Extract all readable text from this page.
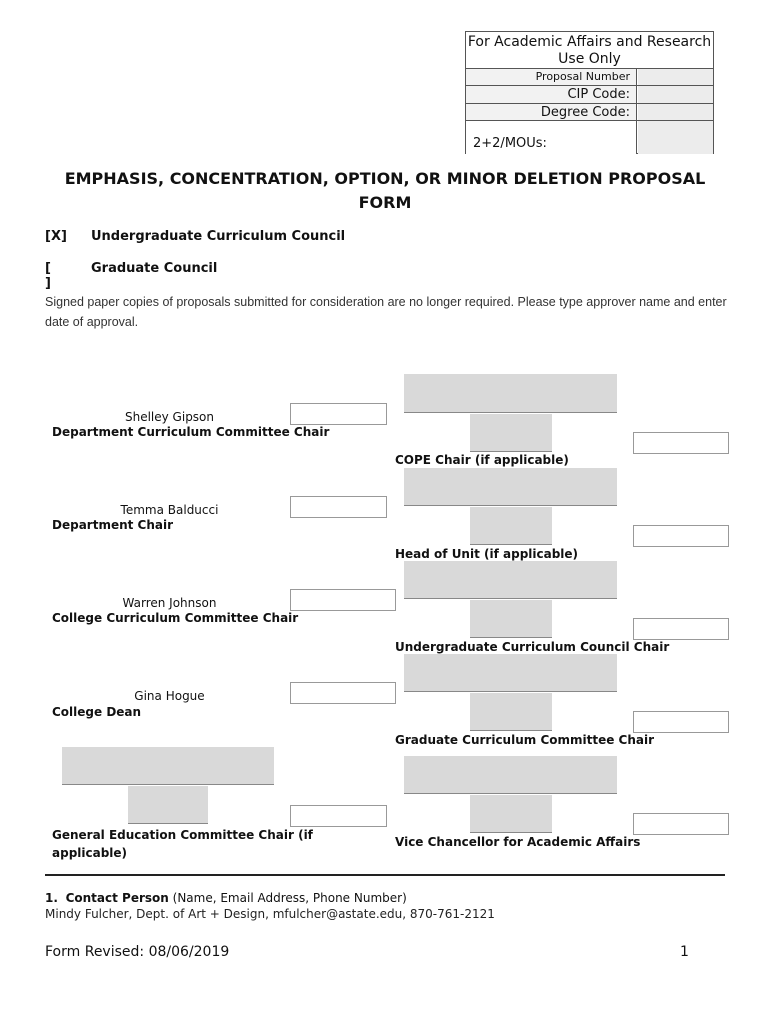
For Academic Affairs and Research Use Only
Proposal Number
CIP Code:
Degree Code:
2+2/MOUs:
EMPHASIS, CONCENTRATION, OPTION, OR MINOR DELETION PROPOSAL FORM
[X] Undergraduate Curriculum Council
[ ]
Graduate Council
Signed paper copies of proposals submitted for consideration are no longer required. Please type approver name and enter date of approval.
Shelley Gipson
Department Curriculum Committee Chair
Temma Balducci
Department Chair
Warren Johnson
College Curriculum Committee Chair
Gina Hogue
College Dean
General Education Committee Chair (if applicable)
COPE Chair (if applicable)
Head of Unit (if applicable)
Undergraduate Curriculum Council Chair
Graduate Curriculum Committee Chair
Vice Chancellor for Academic Affairs
1. Contact Person (Name, Email Address, Phone Number)
Mindy Fulcher, Dept. of Art + Design, mfulcher@astate.edu, 870-761-2121
Form Revised: 08/06/2019	1
